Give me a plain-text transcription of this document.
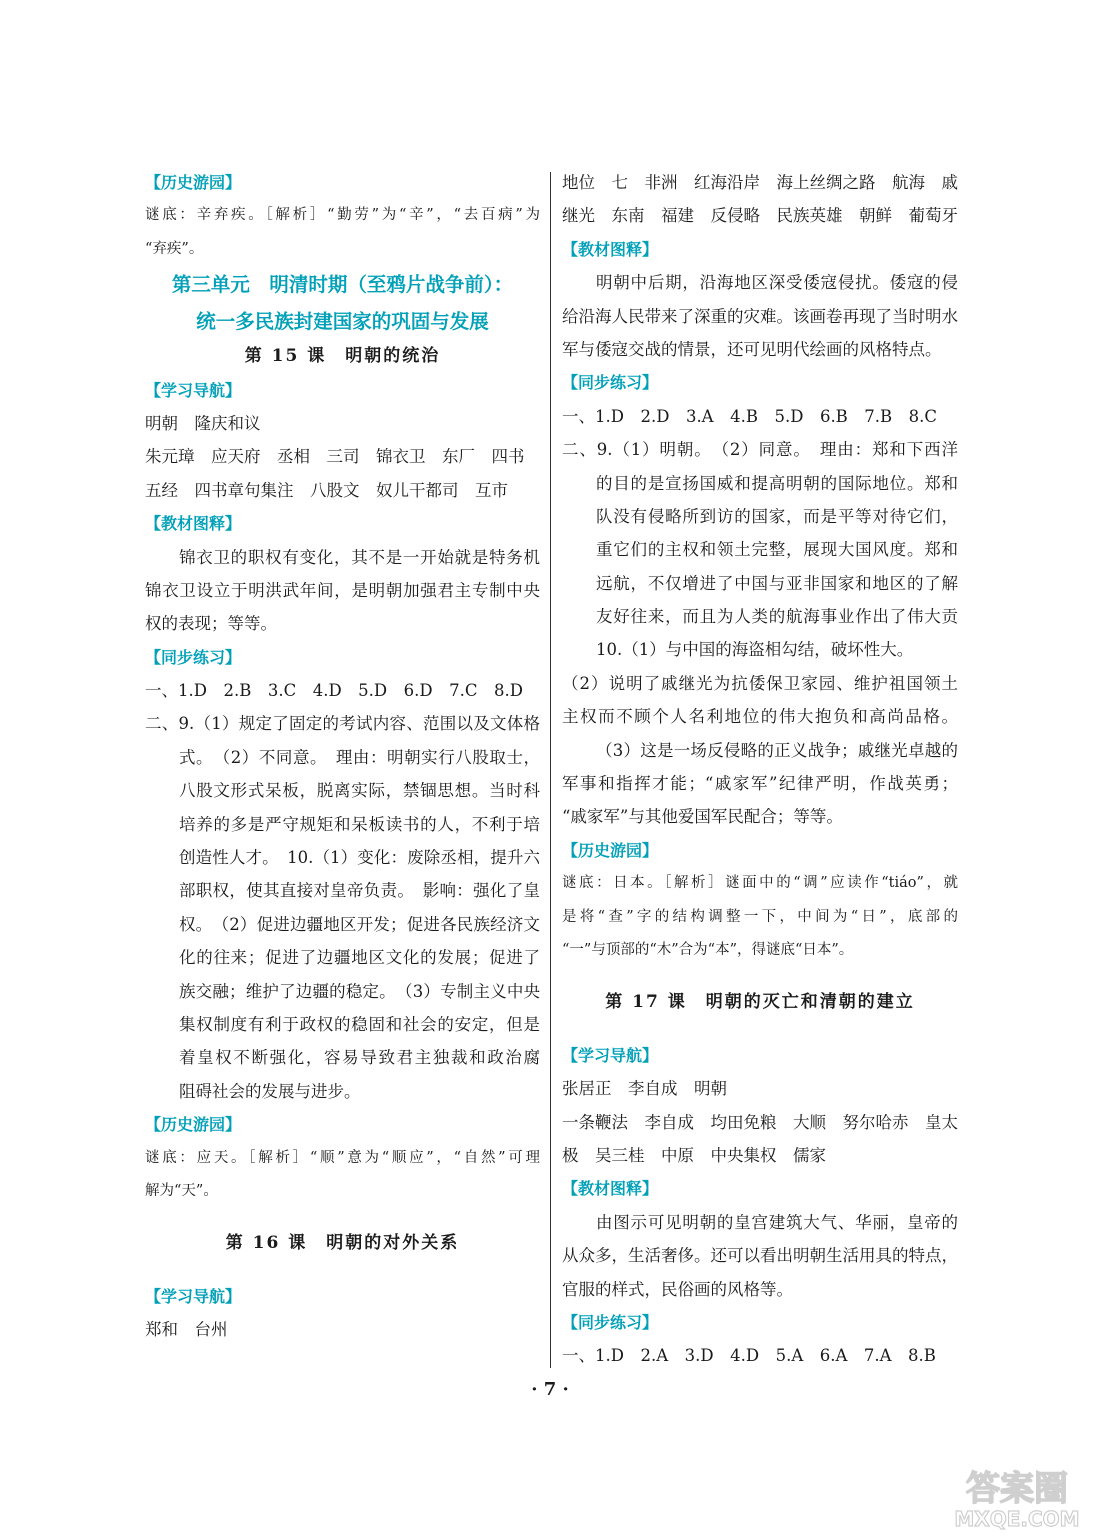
【历史游园】
谜底：辛弃疾。［解析］“勤劳”为“辛”，“去百病”为
“弃疾”。
第三单元　明清时期（至鸦片战争前）：
统一多民族封建国家的巩固与发展
第 15 课　明朝的统治
【学习导航】
明朝　隆庆和议
朱元璋　应天府　丞相　三司　锦衣卫　东厂　四书
五经　四书章句集注　八股文　奴儿干都司　互市
【教材图释】
锦衣卫的职权有变化，其不是一开始就是特务机
锦衣卫设立于明洪武年间，是明朝加强君主专制中央
权的表现；等等。
【同步练习】
一、1.D　2.B　3.C　4.D　5.D　6.D　7.C　8.D
二、9.（1）规定了固定的考试内容、范围以及文体格
式。　（2）不同意。　理由：明朝实行八股取士，
八股文形式呆板，脱离实际，禁锢思想。当时科
培养的多是严守规矩和呆板读书的人，不利于培
创造性人才。　10.（1）变化：废除丞相，提升六
部职权，使其直接对皇帝负责。　影响：强化了皇
权。　（2）促进边疆地区开发；促进各民族经济文
化的往来；促进了边疆地区文化的发展；促进了
族交融；维护了边疆的稳定。　（3）专制主义中央
集权制度有利于政权的稳固和社会的安定，但是
着皇权不断强化，容易导致君主独裁和政治腐
阻碍社会的发展与进步。
【历史游园】
谜底：应天。［解析］“顺”意为“顺应”，“自然”可理
解为“天”。
第 16 课　明朝的对外关系
【学习导航】
郑和　台州
地位　七　非洲　红海沿岸　海上丝绸之路　航海　戚
继光　东南　福建　反侵略　民族英雄　朝鲜　葡萄牙
【教材图释】
明朝中后期，沿海地区深受倭寇侵扰。倭寇的侵
给沿海人民带来了深重的灾难。该画卷再现了当时明水
军与倭寇交战的情景，还可见明代绘画的风格特点。
【同步练习】
一、1.D　2.D　3.A　4.B　5.D　6.B　7.B　8.C
二、9.（1）明朝。　（2）同意。　理由：郑和下西洋
的目的是宣扬国威和提高明朝的国际地位。郑和
队没有侵略所到访的国家，而是平等对待它们，
重它们的主权和领土完整，展现大国风度。郑和
远航，不仅增进了中国与亚非国家和地区的了解
友好往来，而且为人类的航海事业作出了伟大贡
10.（1）与中国的海盗相勾结，破坏性大。
（2）说明了戚继光为抗倭保卫家园、维护祖国领土
主权而不顾个人名利地位的伟大抱负和高尚品格。
（3）这是一场反侵略的正义战争；戚继光卓越的
军事和指挥才能；“戚家军”纪律严明，作战英勇；
“戚家军”与其他爱国军民配合；等等。
【历史游园】
谜底：日本。［解析］谜面中的“调”应读作“tiáo”，就
是将“查”字的结构调整一下，中间为“日”，底部的
“一”与顶部的“木”合为“本”，得谜底“日本”。
第 17 课　明朝的灭亡和清朝的建立
【学习导航】
张居正　李自成　明朝
一条鞭法　李自成　均田免粮　大顺　努尔哈赤　皇太
极　吴三桂　中原　中央集权　儒家
【教材图释】
由图示可见明朝的皇宫建筑大气、华丽，皇帝的
从众多，生活奢侈。还可以看出明朝生活用具的特点，
官服的样式，民俗画的风格等。
【同步练习】
一、1.D　2.A　3.D　4.D　5.A　6.A　7.A　8.B
· 7 ·
答案圈
MXQE.COM
